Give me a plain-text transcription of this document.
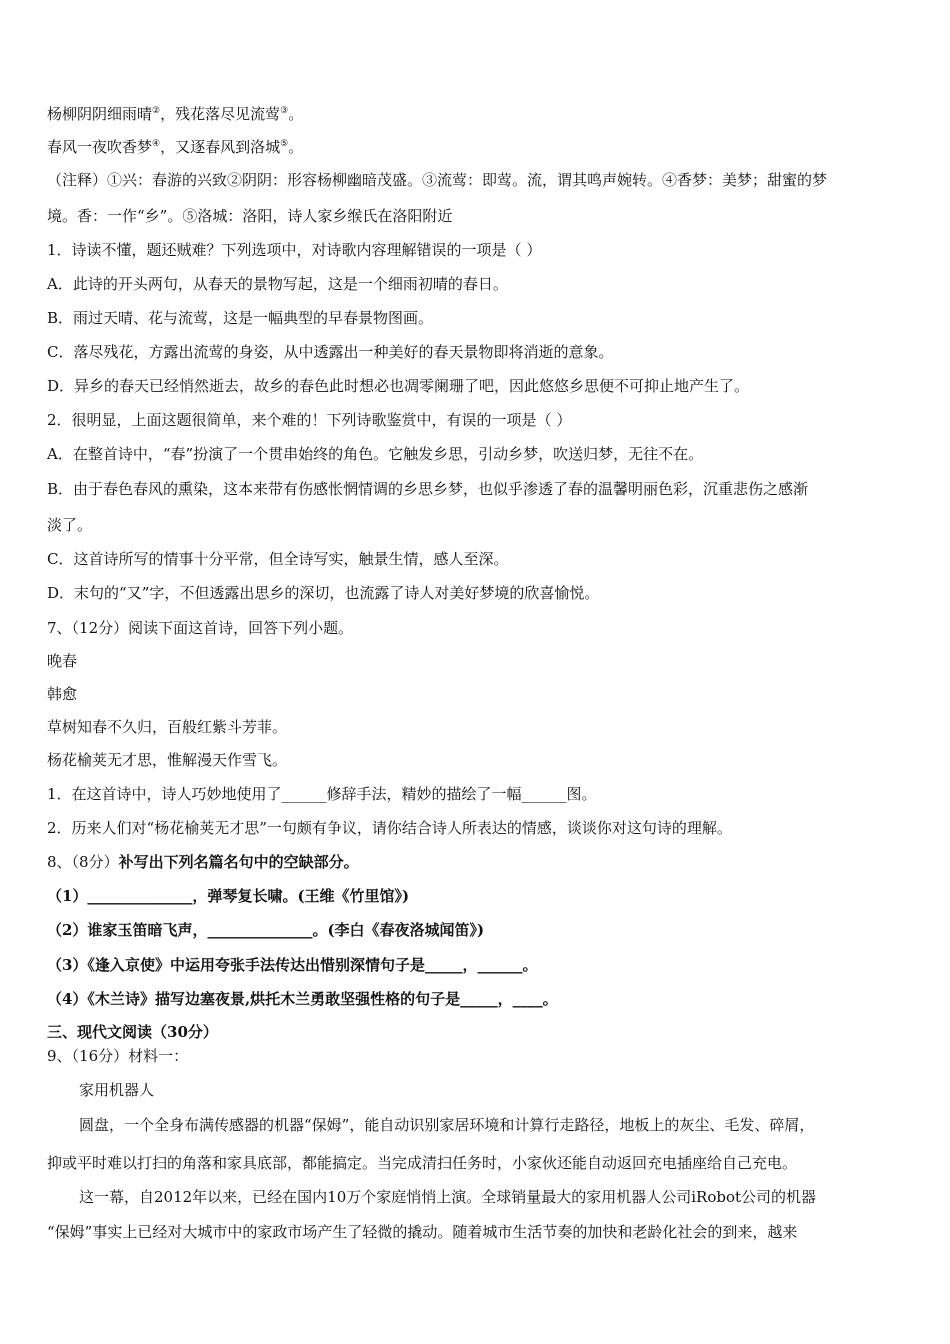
杨柳阴阴细雨晴②，残花落尽见流莺③。
春风一夜吹香梦④，又逐春风到洛城⑤。
（注释）①兴：春游的兴致②阴阴：形容杨柳幽暗茂盛。③流莺：即莺。流，谓其鸣声婉转。④香梦：美梦；甜蜜的梦
境。香：一作“乡”。⑤洛城：洛阳，诗人家乡缑氏在洛阳附近
1．诗读不懂，题还贼难？下列选项中，对诗歌内容理解错误的一项是（ ）
A．此诗的开头两句，从春天的景物写起，这是一个细雨初晴的春日。
B．雨过天晴、花与流莺，这是一幅典型的早春景物图画。
C．落尽残花，方露出流莺的身姿，从中透露出一种美好的春天景物即将消逝的意象。
D．异乡的春天已经悄然逝去，故乡的春色此时想必也凋零阑珊了吧，因此悠悠乡思便不可抑止地产生了。
2．很明显，上面这题很简单，来个难的！下列诗歌鉴赏中，有误的一项是（ ）
A．在整首诗中，“春”扮演了一个贯串始终的角色。它触发乡思，引动乡梦，吹送归梦，无往不在。
B．由于春色春风的熏染，这本来带有伤感怅惘情调的乡思乡梦，也似乎渗透了春的温馨明丽色彩，沉重悲伤之感渐
淡了。
C．这首诗所写的情事十分平常，但全诗写实，触景生情，感人至深。
D．末句的“又”字，不但透露出思乡的深切，也流露了诗人对美好梦境的欣喜愉悦。
7、（12分）阅读下面这首诗，回答下列小题。
晚春
韩愈
草树知春不久归，百般红紫斗芳菲。
杨花榆荚无才思，惟解漫天作雪飞。
1．在这首诗中，诗人巧妙地使用了______修辞手法，精妙的描绘了一幅______图。
2．历来人们对“杨花榆荚无才思”一句颇有争议，请你结合诗人所表达的情感，谈谈你对这句诗的理解。
8、（8分）补写出下列名篇名句中的空缺部分。
（1）______________，弹琴复长啸。(王维《竹里馆》)
（2）谁家玉笛暗飞声，______________。(李白《春夜洛城闻笛》)
（3）《逢入京使》中运用夸张手法传达出惜别深情句子是_____，______。
（4）《木兰诗》描写边塞夜景,烘托木兰勇敢坚强性格的句子是_____，____。
三、现代文阅读（30分）
9、（16分）材料一：
家用机器人
圆盘，一个全身布满传感器的机器“保姆”，能自动识别家居环境和计算行走路径，地板上的灰尘、毛发、碎屑，
抑或平时难以打扫的角落和家具底部，都能搞定。当完成清扫任务时，小家伙还能自动返回充电插座给自己充电。
这一幕，自2012年以来，已经在国内10万个家庭悄悄上演。全球销量最大的家用机器人公司iRobot公司的机器
“保姆”事实上已经对大城市中的家政市场产生了轻微的撬动。随着城市生活节奏的加快和老龄化社会的到来，越来
